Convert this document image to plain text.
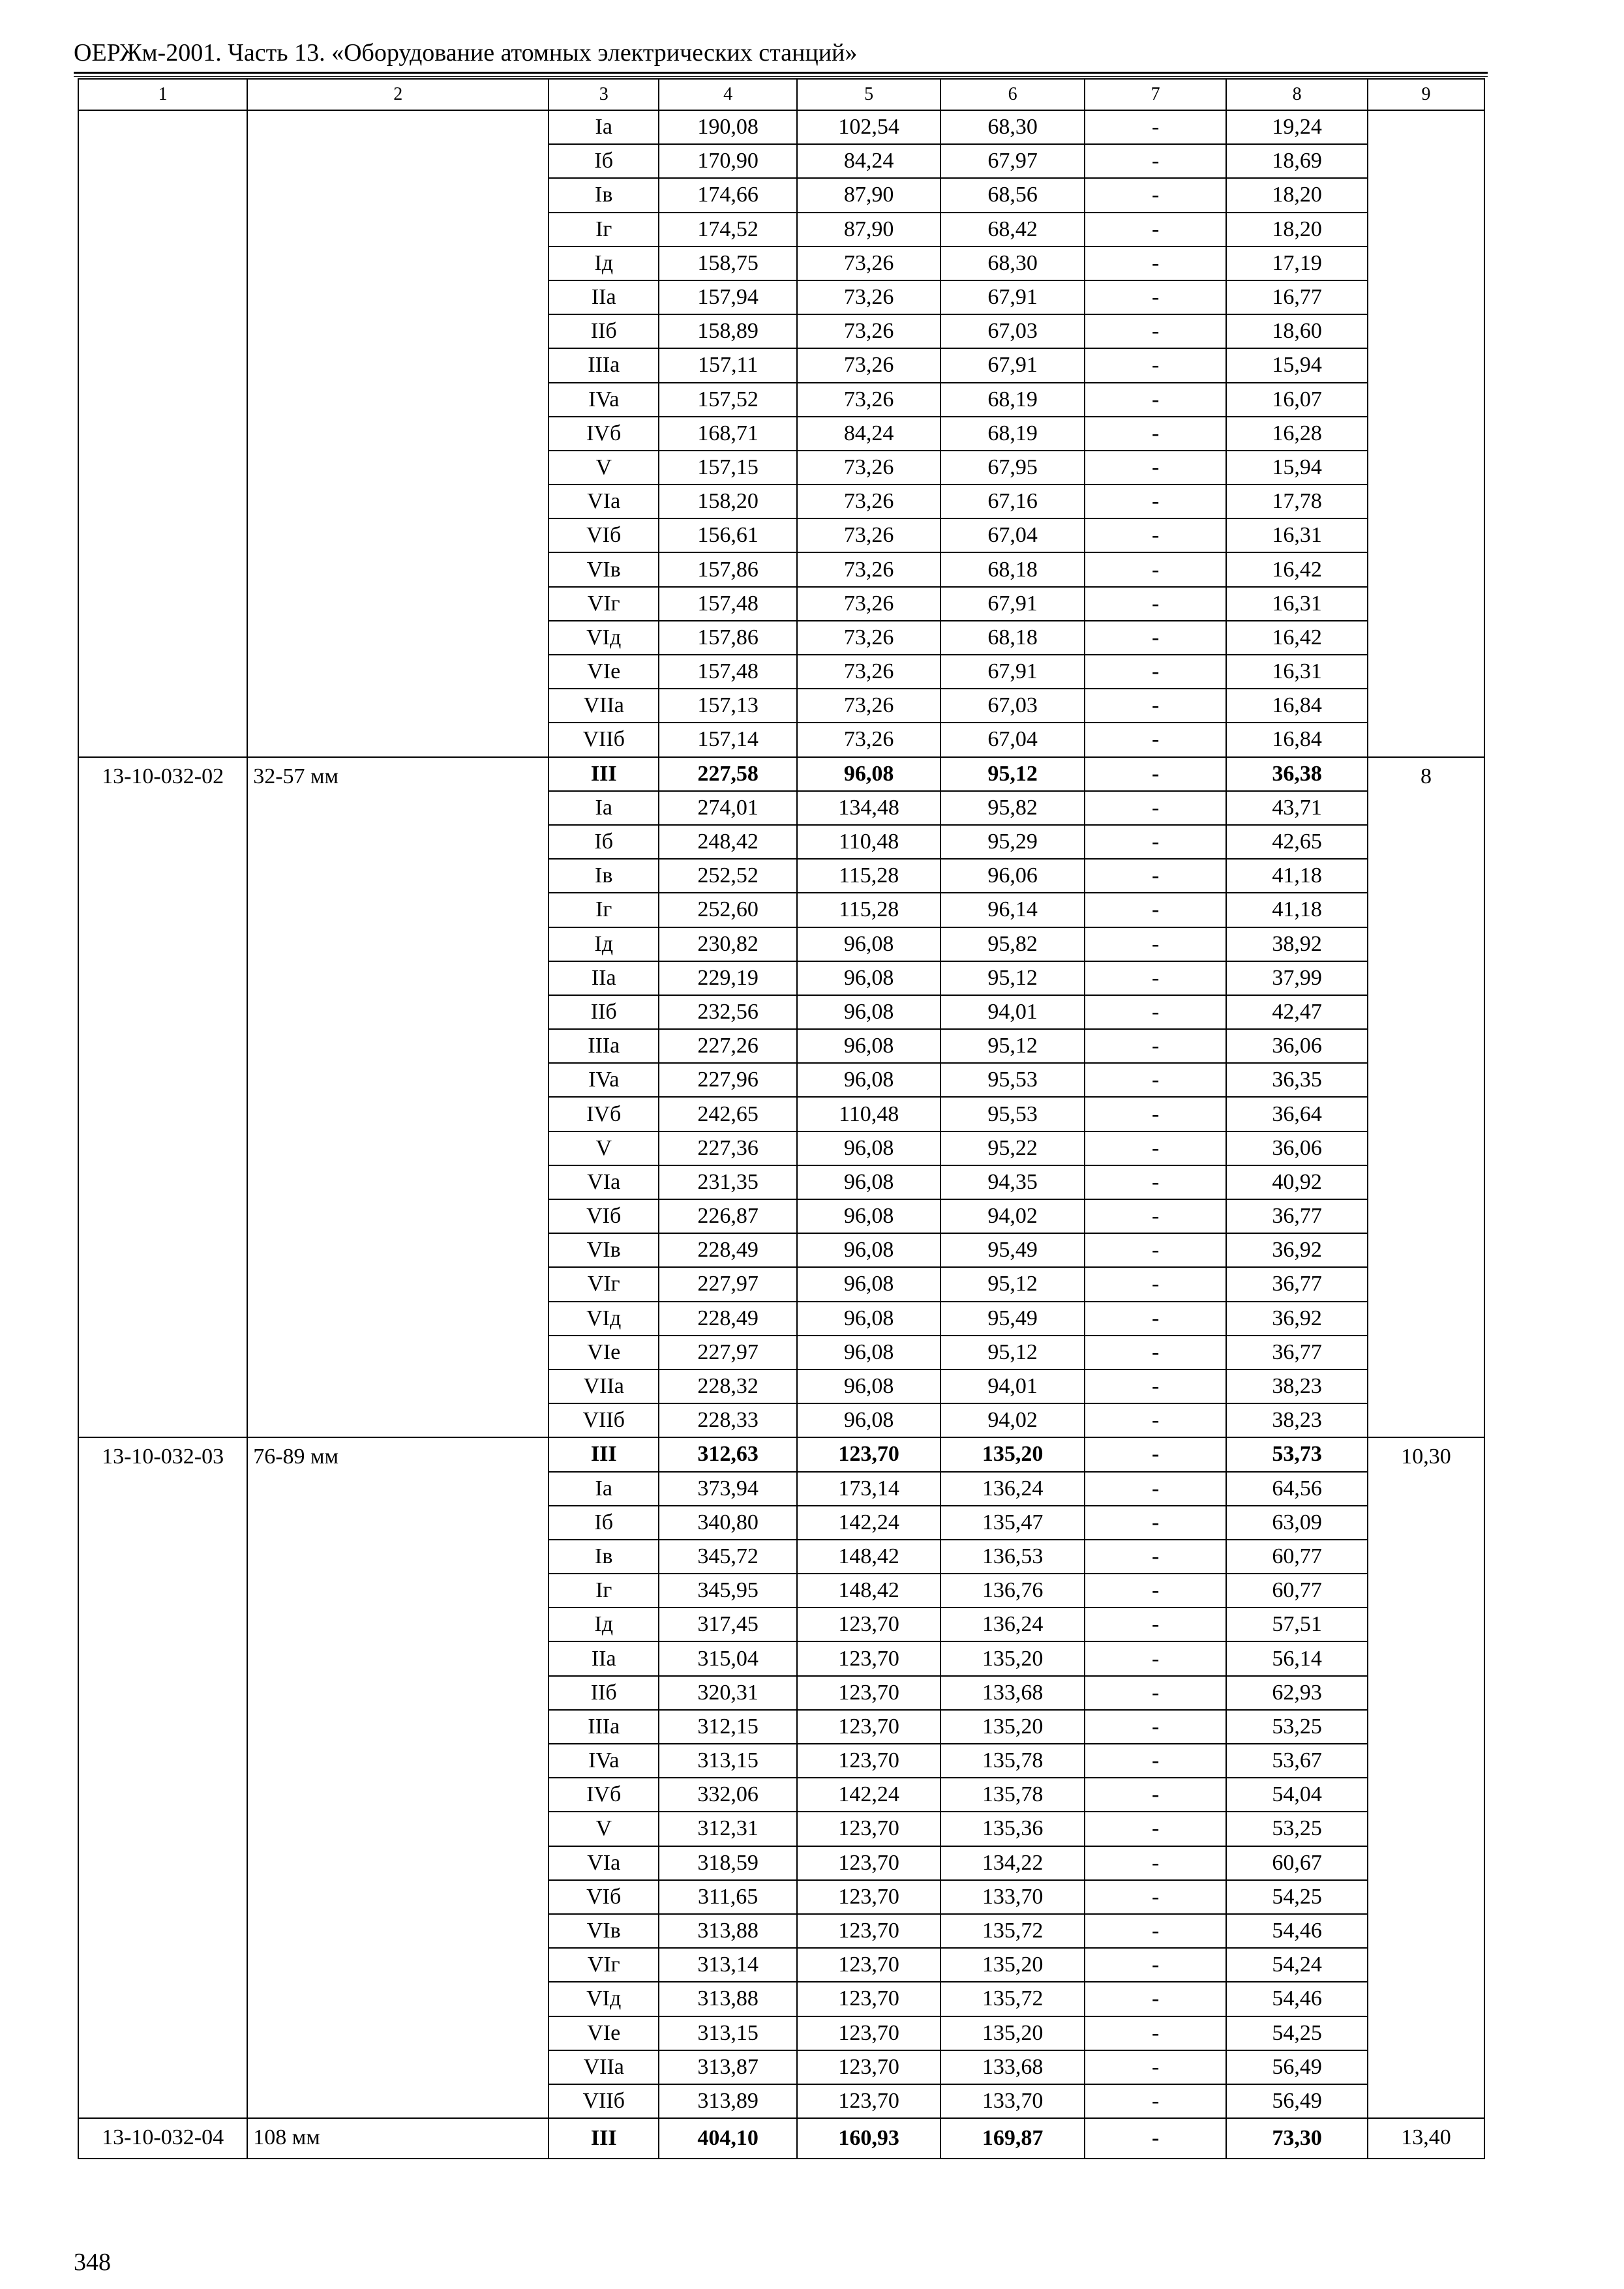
ОЕРЖм-2001. Часть 13. «Оборудование атомных электрических станций»
1	2	3	4	5	6	7	8	9
		Ia	190,08	102,54	68,30	-	19,24	
		Iб	170,90	84,24	67,97	-	18,69	
		Iв	174,66	87,90	68,56	-	18,20	
		Iг	174,52	87,90	68,42	-	18,20	
		Iд	158,75	73,26	68,30	-	17,19	
		IIa	157,94	73,26	67,91	-	16,77	
		IIб	158,89	73,26	67,03	-	18,60	
		IIIa	157,11	73,26	67,91	-	15,94	
		IVa	157,52	73,26	68,19	-	16,07	
		IVб	168,71	84,24	68,19	-	16,28	
		V	157,15	73,26	67,95	-	15,94	
		VIa	158,20	73,26	67,16	-	17,78	
		VIб	156,61	73,26	67,04	-	16,31	
		VIв	157,86	73,26	68,18	-	16,42	
		VIг	157,48	73,26	67,91	-	16,31	
		VIд	157,86	73,26	68,18	-	16,42	
		VIe	157,48	73,26	67,91	-	16,31	
		VIIa	157,13	73,26	67,03	-	16,84	
		VIIб	157,14	73,26	67,04	-	16,84	
13-10-032-02	32-57 мм	III	227,58	96,08	95,12	-	36,38	8
		Ia	274,01	134,48	95,82	-	43,71	
		Iб	248,42	110,48	95,29	-	42,65	
		Iв	252,52	115,28	96,06	-	41,18	
		Iг	252,60	115,28	96,14	-	41,18	
		Iд	230,82	96,08	95,82	-	38,92	
		IIa	229,19	96,08	95,12	-	37,99	
		IIб	232,56	96,08	94,01	-	42,47	
		IIIa	227,26	96,08	95,12	-	36,06	
		IVa	227,96	96,08	95,53	-	36,35	
		IVб	242,65	110,48	95,53	-	36,64	
		V	227,36	96,08	95,22	-	36,06	
		VIa	231,35	96,08	94,35	-	40,92	
		VIб	226,87	96,08	94,02	-	36,77	
		VIв	228,49	96,08	95,49	-	36,92	
		VIг	227,97	96,08	95,12	-	36,77	
		VIд	228,49	96,08	95,49	-	36,92	
		VIe	227,97	96,08	95,12	-	36,77	
		VIIa	228,32	96,08	94,01	-	38,23	
		VIIб	228,33	96,08	94,02	-	38,23	
13-10-032-03	76-89 мм	III	312,63	123,70	135,20	-	53,73	10,30
		Ia	373,94	173,14	136,24	-	64,56	
		Iб	340,80	142,24	135,47	-	63,09	
		Iв	345,72	148,42	136,53	-	60,77	
		Iг	345,95	148,42	136,76	-	60,77	
		Iд	317,45	123,70	136,24	-	57,51	
		IIa	315,04	123,70	135,20	-	56,14	
		IIб	320,31	123,70	133,68	-	62,93	
		IIIa	312,15	123,70	135,20	-	53,25	
		IVa	313,15	123,70	135,78	-	53,67	
		IVб	332,06	142,24	135,78	-	54,04	
		V	312,31	123,70	135,36	-	53,25	
		VIa	318,59	123,70	134,22	-	60,67	
		VIб	311,65	123,70	133,70	-	54,25	
		VIв	313,88	123,70	135,72	-	54,46	
		VIг	313,14	123,70	135,20	-	54,24	
		VIд	313,88	123,70	135,72	-	54,46	
		VIe	313,15	123,70	135,20	-	54,25	
		VIIa	313,87	123,70	133,68	-	56,49	
		VIIб	313,89	123,70	133,70	-	56,49	
13-10-032-04	108 мм	III	404,10	160,93	169,87	-	73,30	13,40
348
